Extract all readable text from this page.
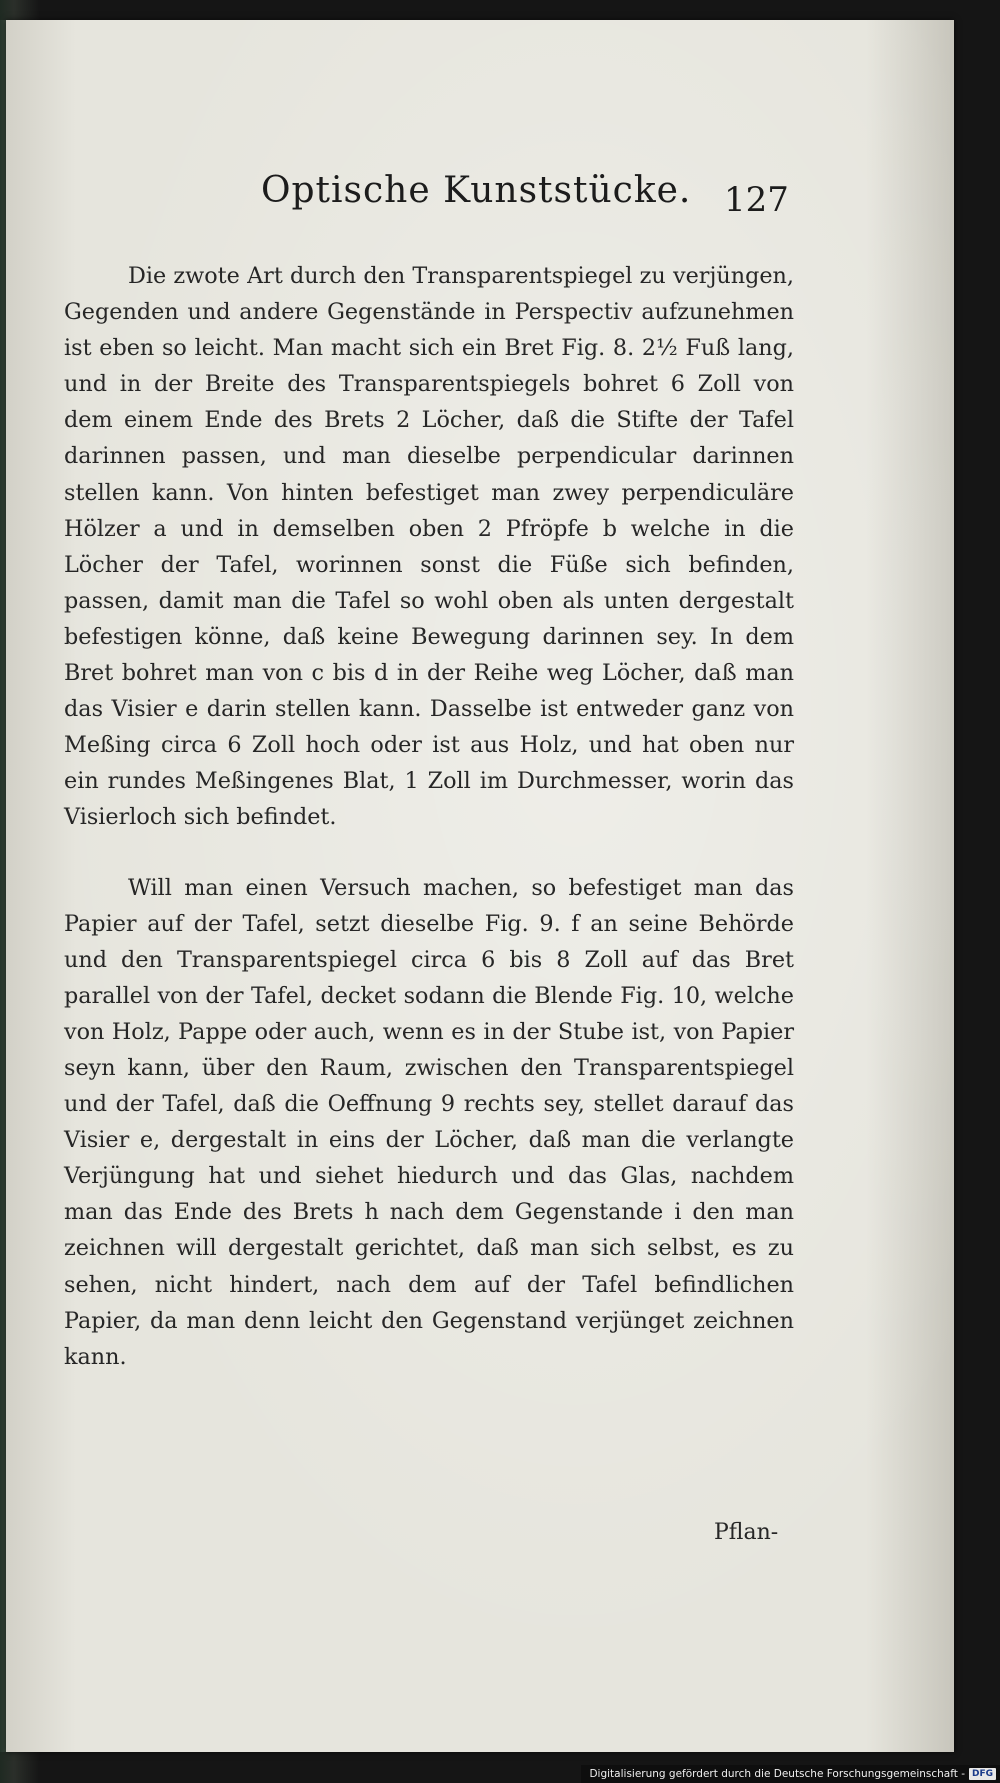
Optische Kunststücke. 127

Die zwote Art durch den Transparentspiegel zu verjüngen, Gegenden und andere Gegenstände in Perspectiv aufzunehmen ist eben so leicht. Man macht sich ein Bret Fig. 8. 2½ Fuß lang, und in der Breite des Transparentspiegels bohret 6 Zoll von dem einem Ende des Brets 2 Löcher, daß die Stifte der Tafel darinnen passen, und man dieselbe perpendicular darinnen stellen kann. Von hinten befestiget man zwey perpendiculäre Hölzer a und in demselben oben 2 Pfröpfe b welche in die Löcher der Tafel, worinnen sonst die Füße sich befinden, passen, damit man die Tafel so wohl oben als unten dergestalt befestigen könne, daß keine Bewegung darinnen sey. In dem Bret bohret man von c bis d in der Reihe weg Löcher, daß man das Visier e darin stellen kann. Dasselbe ist entweder ganz von Meßing circa 6 Zoll hoch oder ist aus Holz, und hat oben nur ein rundes Meßingenes Blat, 1 Zoll im Durchmesser, worin das Visierloch sich befindet.

Will man einen Versuch machen, so befestiget man das Papier auf der Tafel, setzt dieselbe Fig. 9. f an seine Behörde und den Transparentspiegel circa 6 bis 8 Zoll auf das Bret parallel von der Tafel, decket sodann die Blende Fig. 10, welche von Holz, Pappe oder auch, wenn es in der Stube ist, von Papier seyn kann, über den Raum, zwischen den Transparentspiegel und der Tafel, daß die Oeffnung 9 rechts sey, stellet darauf das Visier e, dergestalt in eins der Löcher, daß man die verlangte Verjüngung hat und siehet hiedurch und das Glas, nachdem man das Ende des Brets h nach dem Gegenstande i den man zeichnen will dergestalt gerichtet, daß man sich selbst, es zu sehen, nicht hindert, nach dem auf der Tafel befindlichen Papier, da man denn leicht den Gegenstand verjünget zeichnen kann.

Pflan-
Digitalisierung gefördert durch die Deutsche Forschungsgemeinschaft - DFG
